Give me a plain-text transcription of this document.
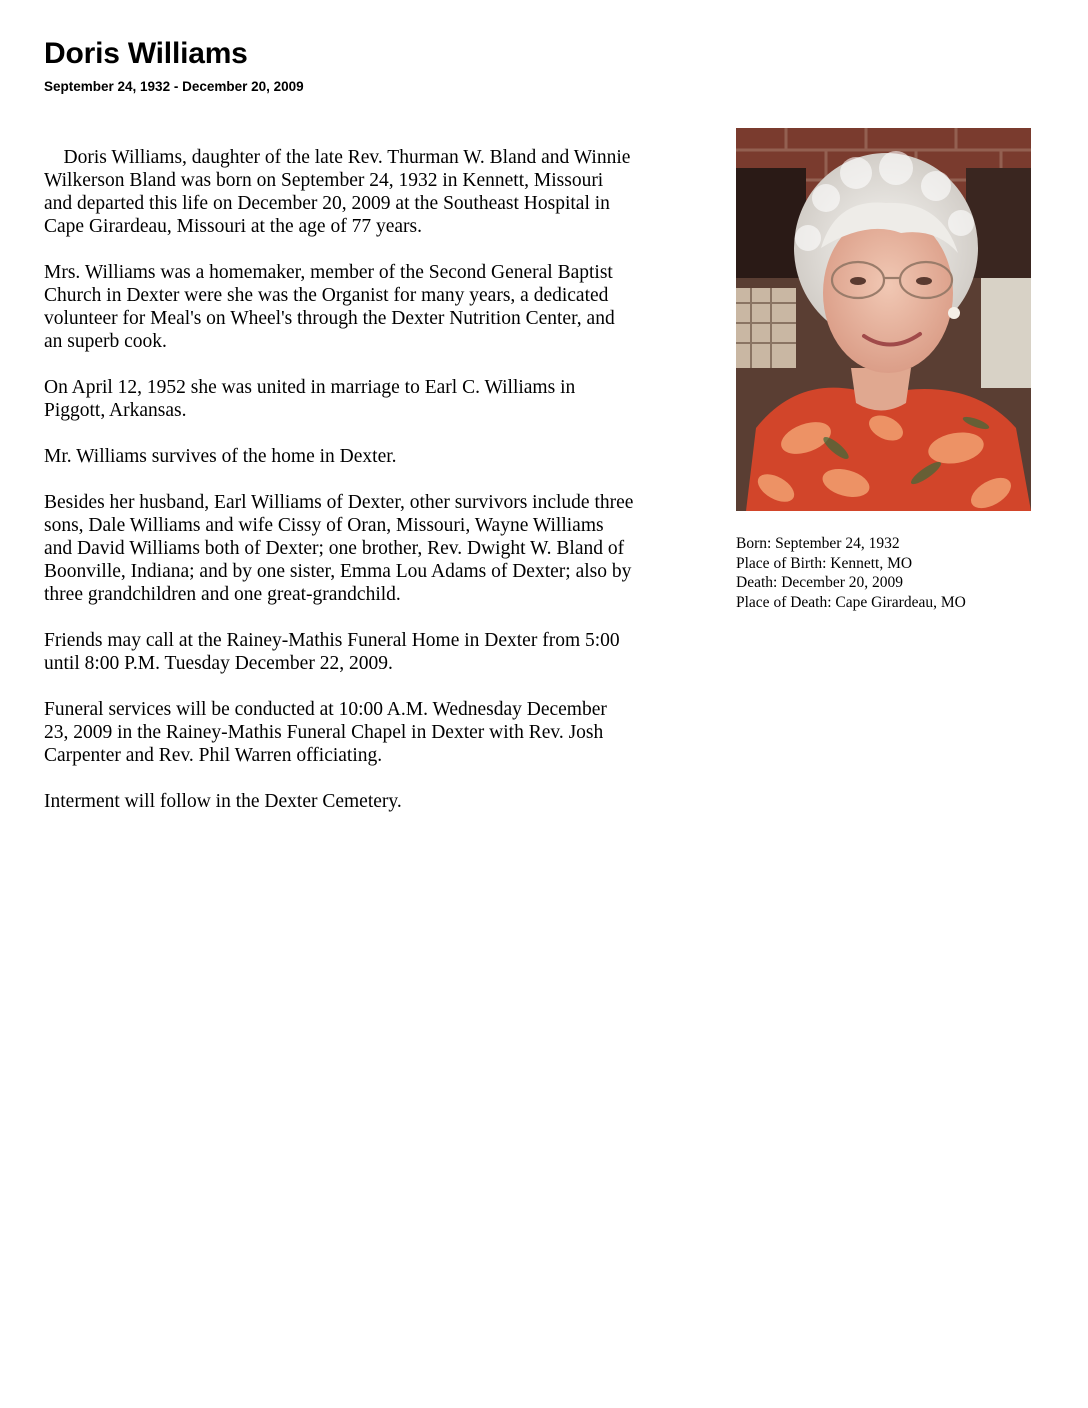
Doris Williams
September 24, 1932 - December 20, 2009

Doris Williams, daughter of the late Rev. Thurman W. Bland and Winnie
Wilkerson Bland was born on September 24, 1932 in Kennett, Missouri
and departed this life on December 20, 2009 at the Southeast Hospital in
Cape Girardeau, Missouri at the age of 77 years.

Mrs. Williams was a homemaker, member of the Second General Baptist
Church in Dexter were she was the Organist for many years, a dedicated
volunteer for Meal's on Wheel's through the Dexter Nutrition Center, and
an superb cook.

On April 12, 1952 she was united in marriage to Earl C. Williams in
Piggott, Arkansas.

Mr. Williams survives of the home in Dexter.

Besides her husband, Earl Williams of Dexter, other survivors include three
sons, Dale Williams and wife Cissy of Oran, Missouri, Wayne Williams
and David Williams both of Dexter; one brother, Rev. Dwight W. Bland of
Boonville, Indiana; and by one sister, Emma Lou Adams of Dexter; also by
three grandchildren and one great-grandchild.

Friends may call at the Rainey-Mathis Funeral Home in Dexter from 5:00
until 8:00 P.M. Tuesday December 22, 2009.

Funeral services will be conducted at 10:00 A.M. Wednesday December
23, 2009 in the Rainey-Mathis Funeral Chapel in Dexter with Rev. Josh
Carpenter and Rev. Phil Warren officiating.

Interment will follow in the Dexter Cemetery.

Born: September 24, 1932
Place of Birth: Kennett, MO
Death: December 20, 2009
Place of Death: Cape Girardeau, MO
